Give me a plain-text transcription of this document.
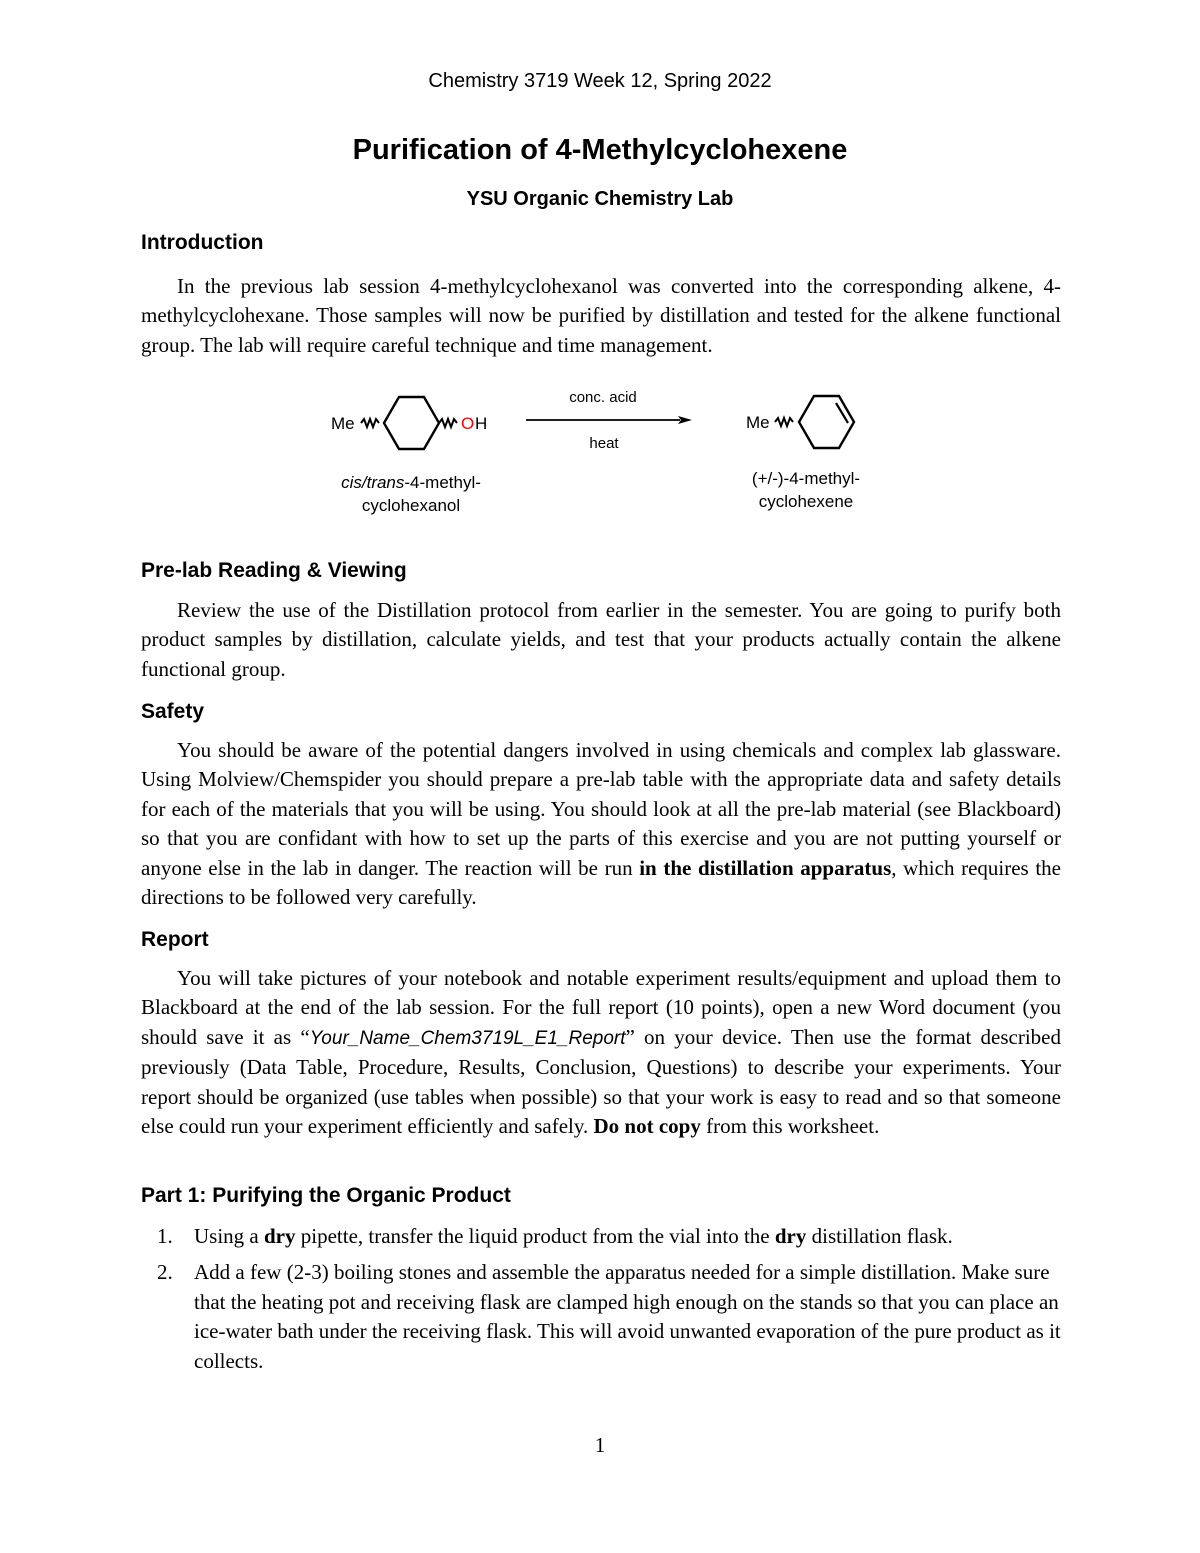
Chemistry 3719 Week 12, Spring 2022
Purification of 4-Methylcyclohexene
YSU Organic Chemistry Lab
Introduction

In the previous lab session 4-methylcyclohexanol was converted into the corresponding alkene, 4-methylcyclohexane. Those samples will now be purified by distillation and tested for the alkene functional group. The lab will require careful technique and time management.

Me	O H
conc. acid
heat
Me
cis/trans-4-methyl-
cyclohexanol
(+/-)-4-methyl-
cyclohexene
Pre-lab Reading & Viewing

Review the use of the Distillation protocol from earlier in the semester. You are going to purify both product samples by distillation, calculate yields, and test that your products actually contain the alkene functional group.

Safety

You should be aware of the potential dangers involved in using chemicals and complex lab glassware. Using Molview/Chemspider you should prepare a pre-lab table with the appropriate data and safety details for each of the materials that you will be using. You should look at all the pre-lab material (see Blackboard) so that you are confidant with how to set up the parts of this exercise and you are not putting yourself or anyone else in the lab in danger. The reaction will be run in the distillation apparatus, which requires the directions to be followed very carefully.

Report

You will take pictures of your notebook and notable experiment results/equipment and upload them to Blackboard at the end of the lab session. For the full report (10 points), open a new Word document (you should save it as “Your_Name_Chem3719L_E1_Report” on your device. Then use the format described previously (Data Table, Procedure, Results, Conclusion, Questions) to describe your experiments. Your report should be organized (use tables when possible) so that your work is easy to read and so that someone else could run your experiment efficiently and safely. Do not copy from this worksheet.

Part 1: Purifying the Organic Product
1. Using a dry pipette, transfer the liquid product from the vial into the dry distillation flask.
2. Add a few (2-3) boiling stones and assemble the apparatus needed for a simple distillation. Make sure that the heating pot and receiving flask are clamped high enough on the stands so that you can place an ice-water bath under the receiving flask. This will avoid unwanted evaporation of the pure product as it collects.
1
